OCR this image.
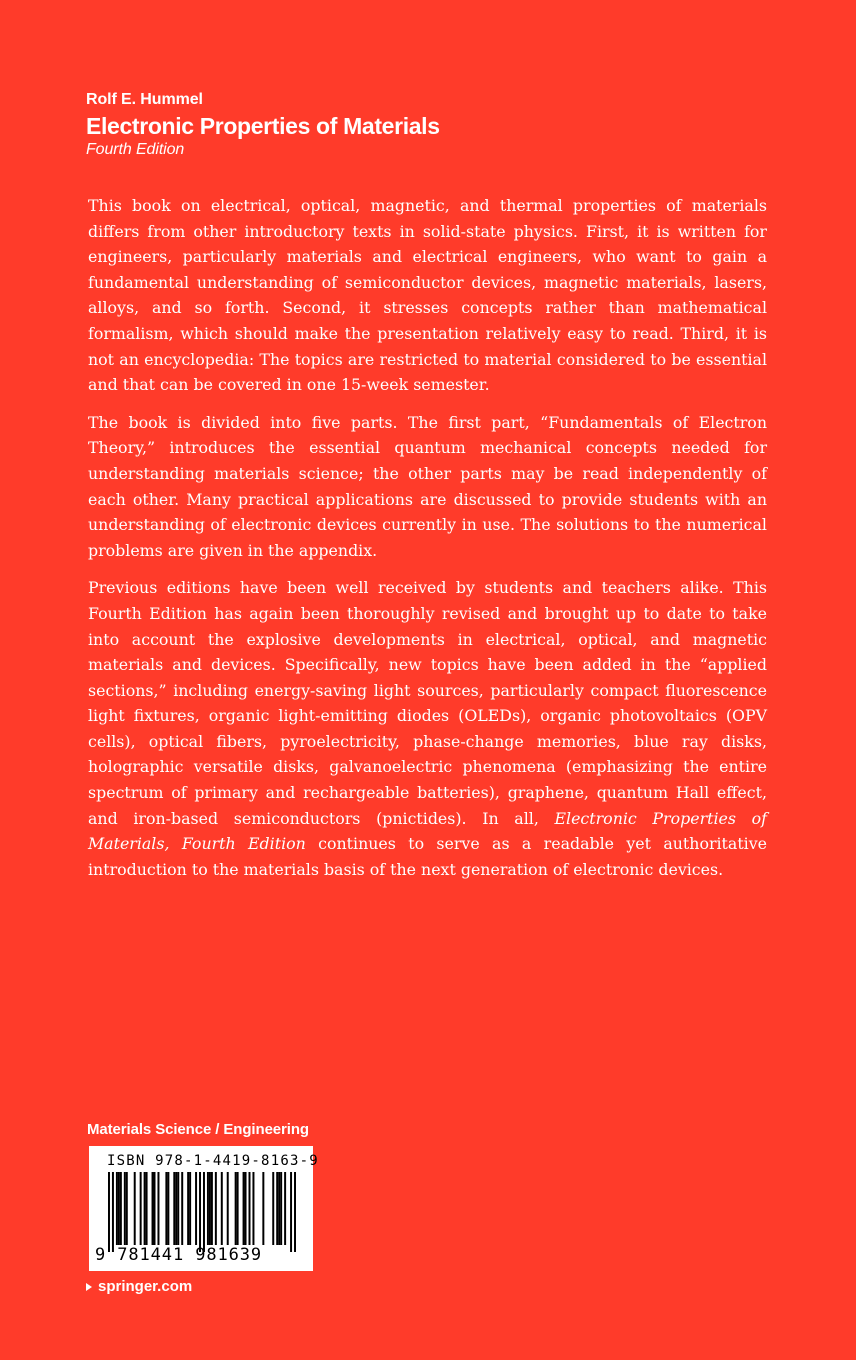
Rolf E. Hummel
Electronic Properties of Materials
Fourth Edition

This book on electrical, optical, magnetic, and thermal properties of materials differs from other introductory texts in solid-state physics. First, it is written for engineers, particularly materials and electrical engineers, who want to gain a fundamental understanding of semiconductor devices, magnetic materials, lasers, alloys, and so forth. Second, it stresses concepts rather than mathematical formalism, which should make the presentation relatively easy to read. Third, it is not an encyclopedia: The topics are restricted to material considered to be essential and that can be covered in one 15-week semester.

The book is divided into five parts. The first part, “Fundamentals of Electron Theory,” introduces the essential quantum mechanical concepts needed for understanding materials science; the other parts may be read independently of each other. Many practical applications are discussed to provide students with an understanding of electronic devices currently in use. The solutions to the numerical problems are given in the appendix.

Previous editions have been well received by students and teachers alike. This Fourth Edition has again been thoroughly revised and brought up to date to take into account the explosive developments in electrical, optical, and magnetic materials and devices. Specifically, new topics have been added in the “applied sections,” including energy-saving light sources, particularly compact fluorescence light fixtures, organic light-emitting diodes (OLEDs), organic photovoltaics (OPV cells), optical fibers, pyroelectricity, phase-change memories, blue ray disks, holographic versatile disks, galvanoelectric phenomena (emphasizing the entire spectrum of primary and rechargeable batteries), graphene, quantum Hall effect, and iron-based semiconductors (pnictides). In all, Electronic Properties of Materials, Fourth Edition continues to serve as a readable yet authoritative introduction to the materials basis of the next generation of electronic devices.

Materials Science / Engineering
ISBN 978-1-4419-8163-9
9 781441 981639
springer.com
